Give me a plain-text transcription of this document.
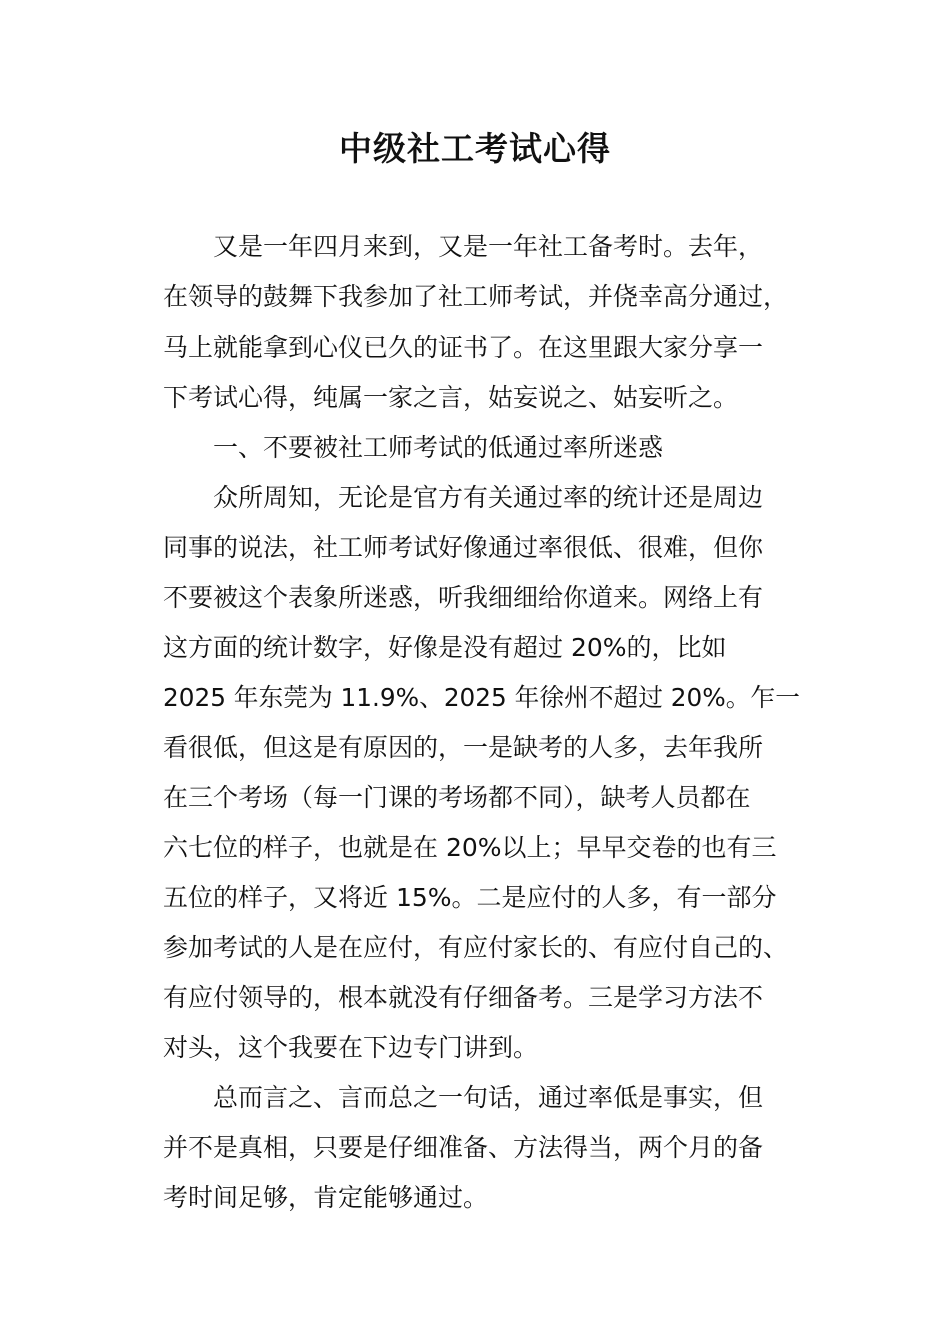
中级社工考试心得

又是一年四月来到，又是一年社工备考时。去年，

在领导的鼓舞下我参加了社工师考试，并侥幸高分通过，

马上就能拿到心仪已久的证书了。在这里跟大家分享一

下考试心得，纯属一家之言，姑妄说之、姑妄听之。

一、不要被社工师考试的低通过率所迷惑

众所周知，无论是官方有关通过率的统计还是周边

同事的说法，社工师考试好像通过率很低、很难，但你

不要被这个表象所迷惑，听我细细给你道来。网络上有

这方面的统计数字，好像是没有超过 20%的，比如

2025 年东莞为 11.9%、2025 年徐州不超过 20%。乍一

看很低，但这是有原因的，一是缺考的人多，去年我所

在三个考场（每一门课的考场都不同），缺考人员都在

六七位的样子，也就是在 20%以上；早早交卷的也有三

五位的样子，又将近 15%。二是应付的人多，有一部分

参加考试的人是在应付，有应付家长的、有应付自己的、

有应付领导的，根本就没有仔细备考。三是学习方法不

对头，这个我要在下边专门讲到。

总而言之、言而总之一句话，通过率低是事实，但

并不是真相，只要是仔细准备、方法得当，两个月的备

考时间足够，肯定能够通过。
